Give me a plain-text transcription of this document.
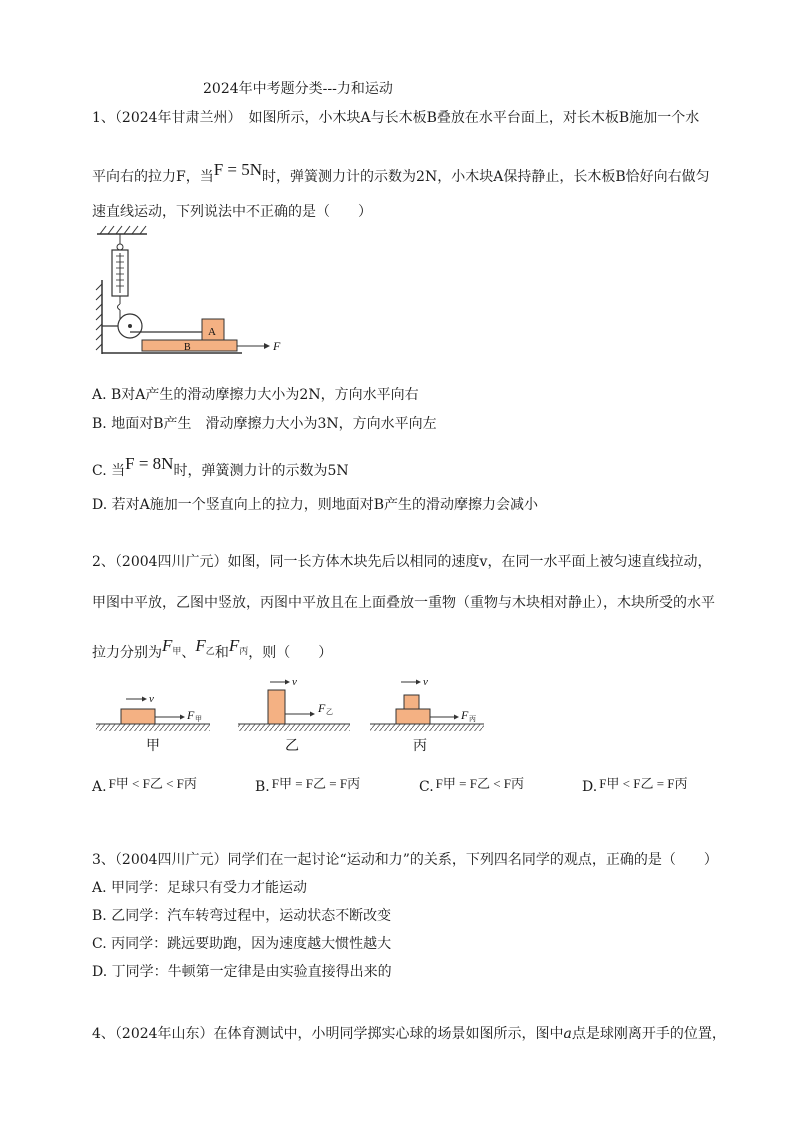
2024年中考题分类---力和运动
1、（2024年甘肃兰州）　如图所示，小木块A与长木板B叠放在水平台面上，对长木板B施加一个水
平向右的拉力F，当F = 5N时，弹簧测力计的示数为2N，小木块A保持静止，长木板B恰好向右做匀
速直线运动，下列说法中不正确的是（　　）
A
B	F
A. B对A产生的滑动摩擦力大小为2N，方向水平向右
B. 地面对B产生　滑动摩擦力大小为3N，方向水平向左
C. 当F = 8N时，弹簧测力计的示数为5N
D. 若对A施加一个竖直向上的拉力，则地面对B产生的滑动摩擦力会减小
2、（2004四川广元）如图，同一长方体木块先后以相同的速度v，在同一水平面上被匀速直线拉动，
甲图中平放，乙图中竖放，丙图中平放且在上面叠放一重物（重物与木块相对静止），木块所受的水平
拉力分别为$F_甲$、$F_乙$和$F_丙$，则（　　）
v
F 甲
甲
v
F 乙
乙
v
F 丙
丙
A. F甲 < F乙 < F丙	B. F甲 = F乙 = F丙	C. F甲 = F乙 < F丙	D. F甲 < F乙 = F丙
3、（2004四川广元）同学们在一起讨论“运动和力”的关系，下列四名同学的观点，正确的是（　　）
A. 甲同学：足球只有受力才能运动
B. 乙同学：汽车转弯过程中，运动状态不断改变
C. 丙同学：跳远要助跑，因为速度越大惯性越大
D. 丁同学：牛顿第一定律是由实验直接得出来的
4、（2024年山东）在体育测试中，小明同学掷实心球的场景如图所示，图中a点是球刚离开手的位置，
